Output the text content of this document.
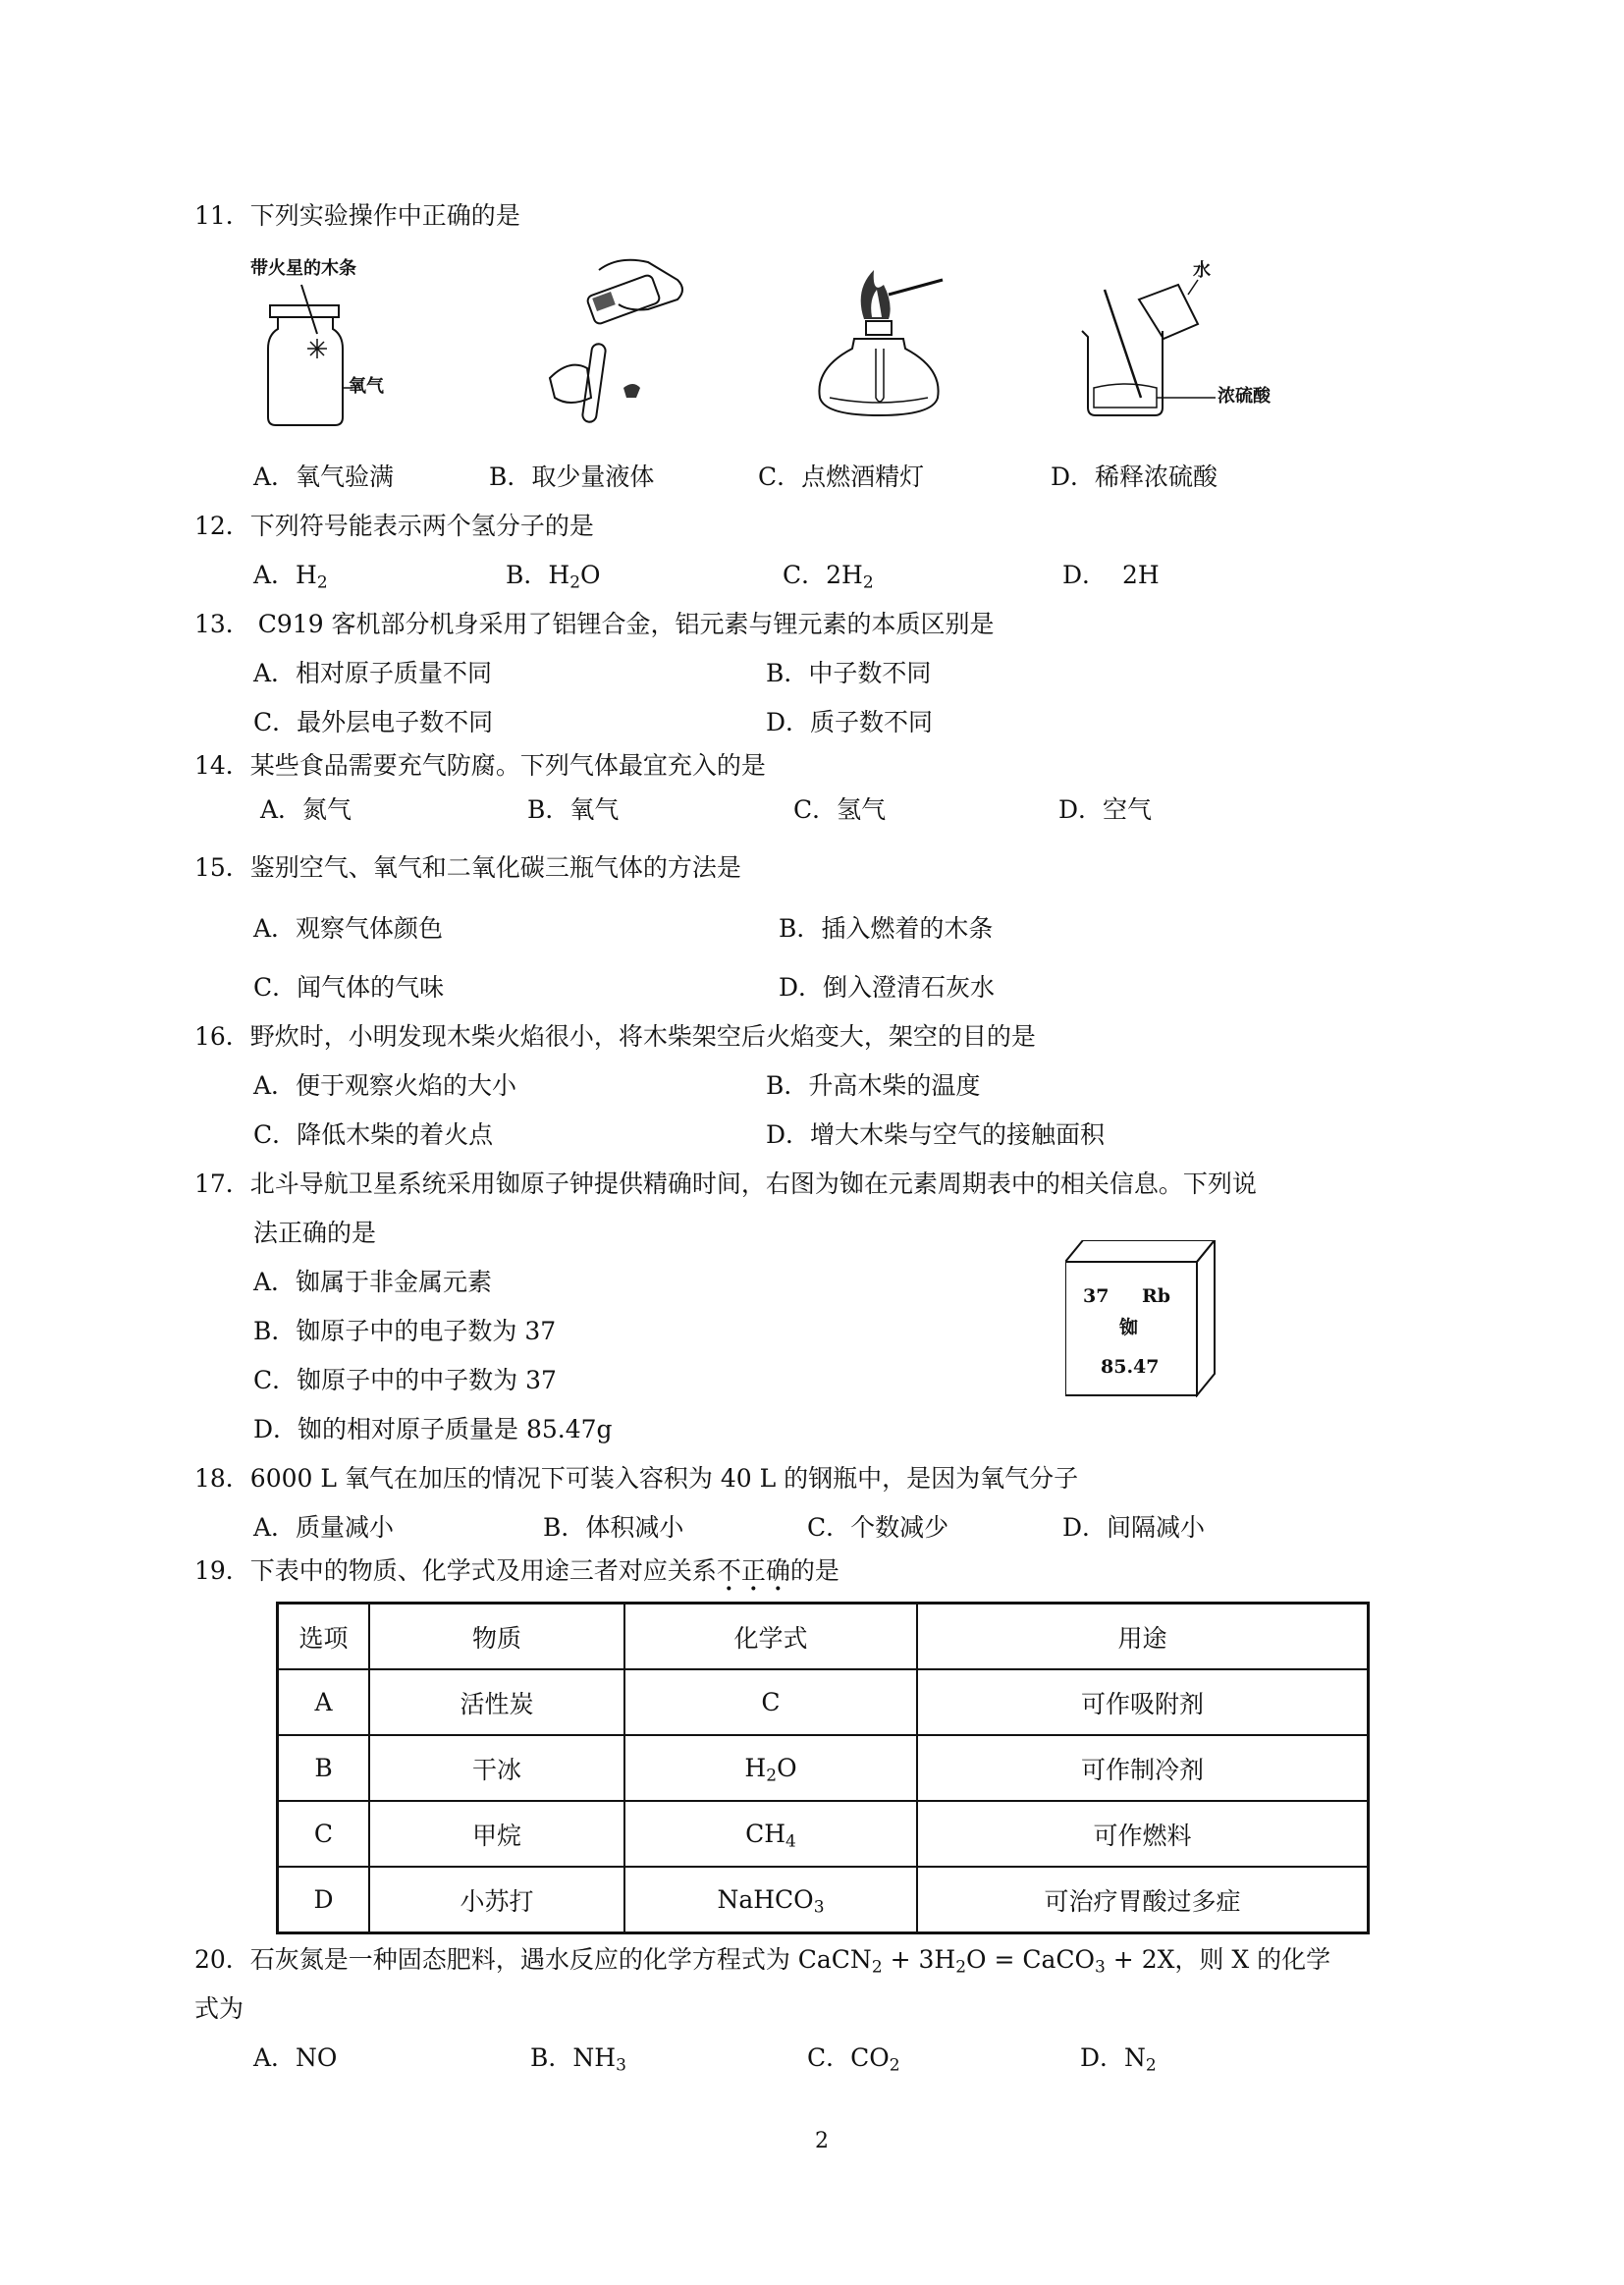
11．下列实验操作中正确的是
带火星的木条
氧气
水
浓硫酸
A．氧气验满	B．取少量液体	C．点燃酒精灯	D．稀释浓硫酸
12．下列符号能表示两个氢分子的是
A．$H_2$	B．$H_2O$	C．$2H_2$	D．  2H
13． C919 客机部分机身采用了铝锂合金，铝元素与锂元素的本质区别是
A．相对原子质量不同	B．中子数不同
C．最外层电子数不同	D．质子数不同
14．某些食品需要充气防腐。下列气体最宜充入的是
A．氮气	B．氧气	C．氢气	D．空气
15．鉴别空气、氧气和二氧化碳三瓶气体的方法是
A．观察气体颜色	B．插入燃着的木条
C．闻气体的气味	D．倒入澄清石灰水
16．野炊时，小明发现木柴火焰很小，将木柴架空后火焰变大，架空的目的是
A．便于观察火焰的大小	B．升高木柴的温度
C．降低木柴的着火点	D．增大木柴与空气的接触面积
17．北斗导航卫星系统采用铷原子钟提供精确时间，右图为铷在元素周期表中的相关信息。下列说
法正确的是
A．铷属于非金属元素
B．铷原子中的电子数为 37
C．铷原子中的中子数为 37
D．铷的相对原子质量是 85.47g
37 Rb
铷
85.47
18．6000 L 氧气在加压的情况下可装入容积为 40 L 的钢瓶中，是因为氧气分子
A．质量减小	B．体积减小	C．个数减少	D．间隔减小
19．下表中的物质、化学式及用途三者对应关系不正确的是
选项	物质	化学式	用途
A	活性炭	C	可作吸附剂
B	干冰	$H_2O$	可作制冷剂
C	甲烷	$CH_4$	可作燃料
D	小苏打	NaHCO$_3$	可治疗胃酸过多症
20．石灰氮是一种固态肥料，遇水反应的化学方程式为 CaCN$_2$ + $3H_2O$ = CaCO$_3$ + 2X，则 X 的化学
式为
A．NO	B．$NH_3$	C．$CO_2$	D．$N_2$
2
